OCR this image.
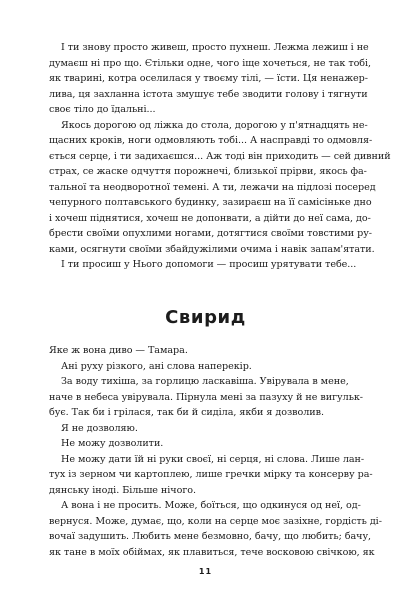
І ти знову просто живеш, просто пухнеш. Лежма лежиш і не
думаєш ні про що. Єтільки одне, чого іще хочеться, не так тобі,
як тварині, котра оселилася у твоєму тілі, — їсти. Ця ненажер-
лива, ця захланна істота змушує тебе зводити голову і тягнути
своє тіло до їдальні...
Якось дорогою од ліжка до стола, дорогою у п'ятнадцять не-
щасних кроків, ноги одмовляють тобі... А насправді то одмовля-
ється серце, і ти задихаєшся... Аж тоді він приходить — сей дивний
страх, се жаске одчуття порожнечі, близької прірви, якось фа-
тальної та неодворотної темені. А ти, лежачи на підлозі посеред
чепурного полтавського будинку, зазираєш на її самісіньке дно
і хочеш піднятися, хочеш не допонвати, а дійти до неї сама, до-
брести своїми опухлими ногами, дотягтися своїми товстими ру-
ками, осягнути своїми збайдужілими очима і навік запам'ятати.
І ти просиш у Нього допомоги — просиш урятувати тебе...
Свирид
Яке ж вона диво — Тамара.
Ані руху різкого, ані слова наперекір.
За воду тихіша, за горлицю ласкавіша. Увірувала в мене,
наче в небеса увірувала. Пірнула мені за пазуху й не вигульк-
бує. Так би і грілася, так би й сиділа, якби я дозволив.
Я не дозволяю.
Не можу дозволити.
Не можу дати їй ні руки своєї, ні серця, ні слова. Лише лан-
тух із зерном чи картоплею, лише гречки мірку та консерву ра-
дянську іноді. Більше нічого.
А вона і не просить. Може, боїться, що одкинуся од неї, од-
вернуся. Може, думає, що, коли на серце моє зазіхне, гордість ді-
вочаї задушить. Любить мене безмовно, бачу, що любить; бачу,
як тане в моїх обіймах, як плавиться, тече восковою свічкою, як
11
